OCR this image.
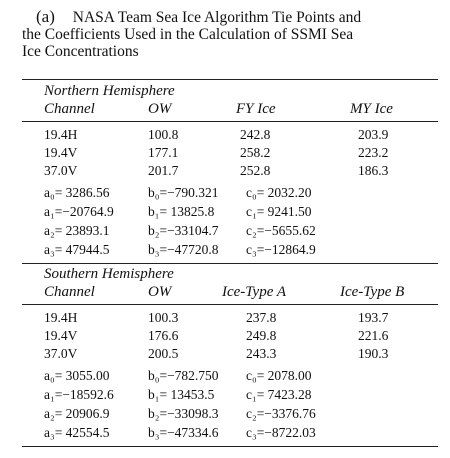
(a) NASA Team Sea Ice Algorithm Tie Points and
the Coefficients Used in the Calculation of SSMI Sea
Ice Concentrations
Northern Hemisphere
Channel	OW	FY Ice	MY Ice
19.4H	100.8	242.8	203.9
19.4V	177.1	258.2	223.2
37.0V	201.7	252.8	186.3
a₀= 3286.56	b₀=−790.321 c₀= 2032.20
a₁=−20764.9	b₁= 13825.8 c₁= 9241.50
a₂= 23893.1	b₂=−33104.7 c₂=−5655.62
a₃= 47944.5	b₃=−47720.8 c₃=−12864.9
Southern Hemisphere
Channel	OW	Ice-Type A	Ice-Type B
19.4H	100.3	237.8	193.7
19.4V	176.6	249.8	221.6
37.0V	200.5	243.3	190.3
a₀= 3055.00	b₀=−782.750 c₀= 2078.00
a₁=−18592.6	b₁= 13453.5 c₁= 7423.28
a₂= 20906.9	b₂=−33098.3 c₂=−3376.76
a₃= 42554.5	b₃=−47334.6 c₃=−8722.03
